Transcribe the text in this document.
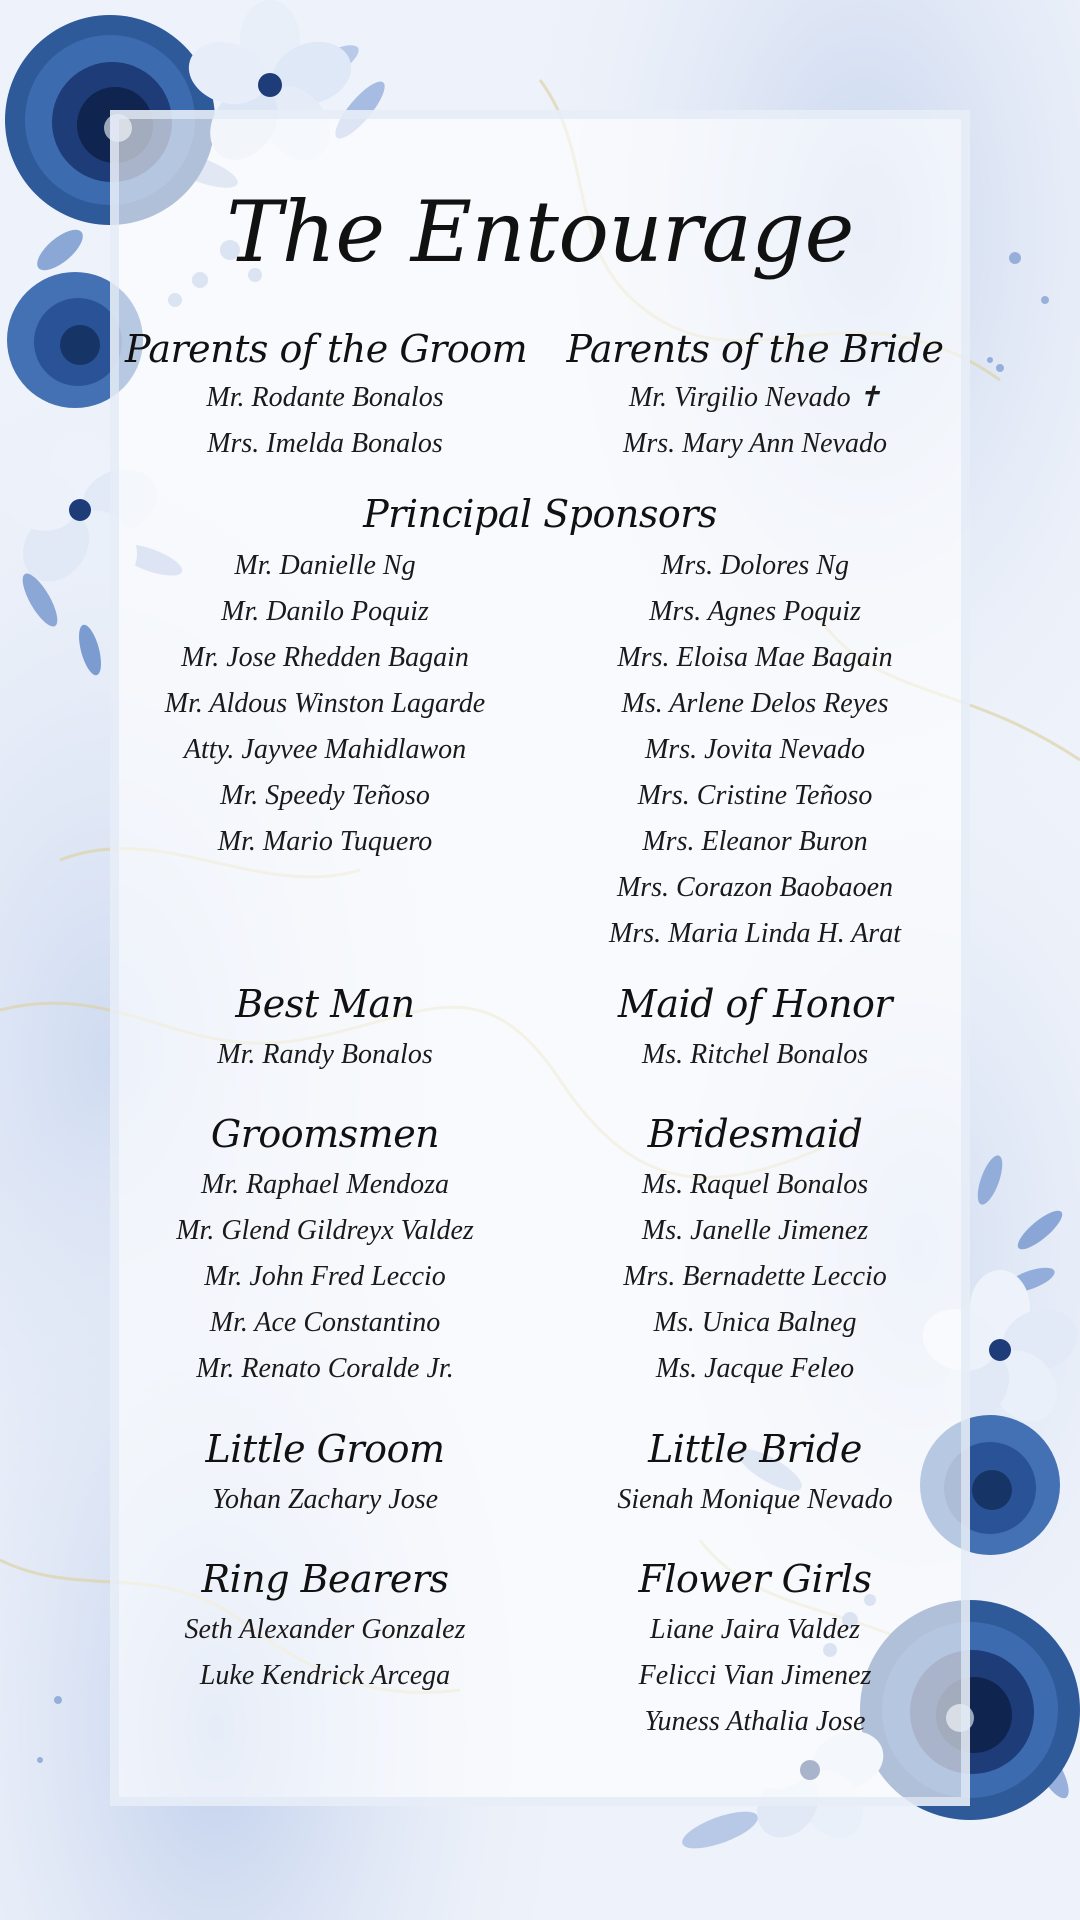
The Entourage
Parents of the Groom
Mr. Rodante Bonalos
Mrs. Imelda Bonalos
Parents of the Bride
Mr. Virgilio Nevado ✝
Mrs. Mary Ann Nevado
Principal Sponsors
Mr. Danielle Ng
Mr. Danilo Poquiz
Mr. Jose Rhedden Bagain
Mr. Aldous Winston Lagarde
Atty. Jayvee Mahidlawon
Mr. Speedy Teñoso
Mr. Mario Tuquero
Mrs. Dolores Ng
Mrs. Agnes Poquiz
Mrs. Eloisa Mae Bagain
Ms. Arlene Delos Reyes
Mrs. Jovita Nevado
Mrs. Cristine Teñoso
Mrs. Eleanor Buron
Mrs. Corazon Baobaoen
Mrs. Maria Linda H. Arat
Best Man
Mr. Randy Bonalos
Maid of Honor
Ms. Ritchel Bonalos
Groomsmen
Mr. Raphael Mendoza
Mr. Glend Gildreyx Valdez
Mr. John Fred Leccio
Mr. Ace Constantino
Mr. Renato Coralde Jr.
Bridesmaid
Ms. Raquel Bonalos
Ms. Janelle Jimenez
Mrs. Bernadette Leccio
Ms. Unica Balneg
Ms. Jacque Feleo
Little Groom
Yohan Zachary Jose
Little Bride
Sienah Monique Nevado
Ring Bearers
Seth Alexander Gonzalez
Luke Kendrick Arcega
Flower Girls
Liane Jaira Valdez
Felicci Vian Jimenez
Yuness Athalia Jose
